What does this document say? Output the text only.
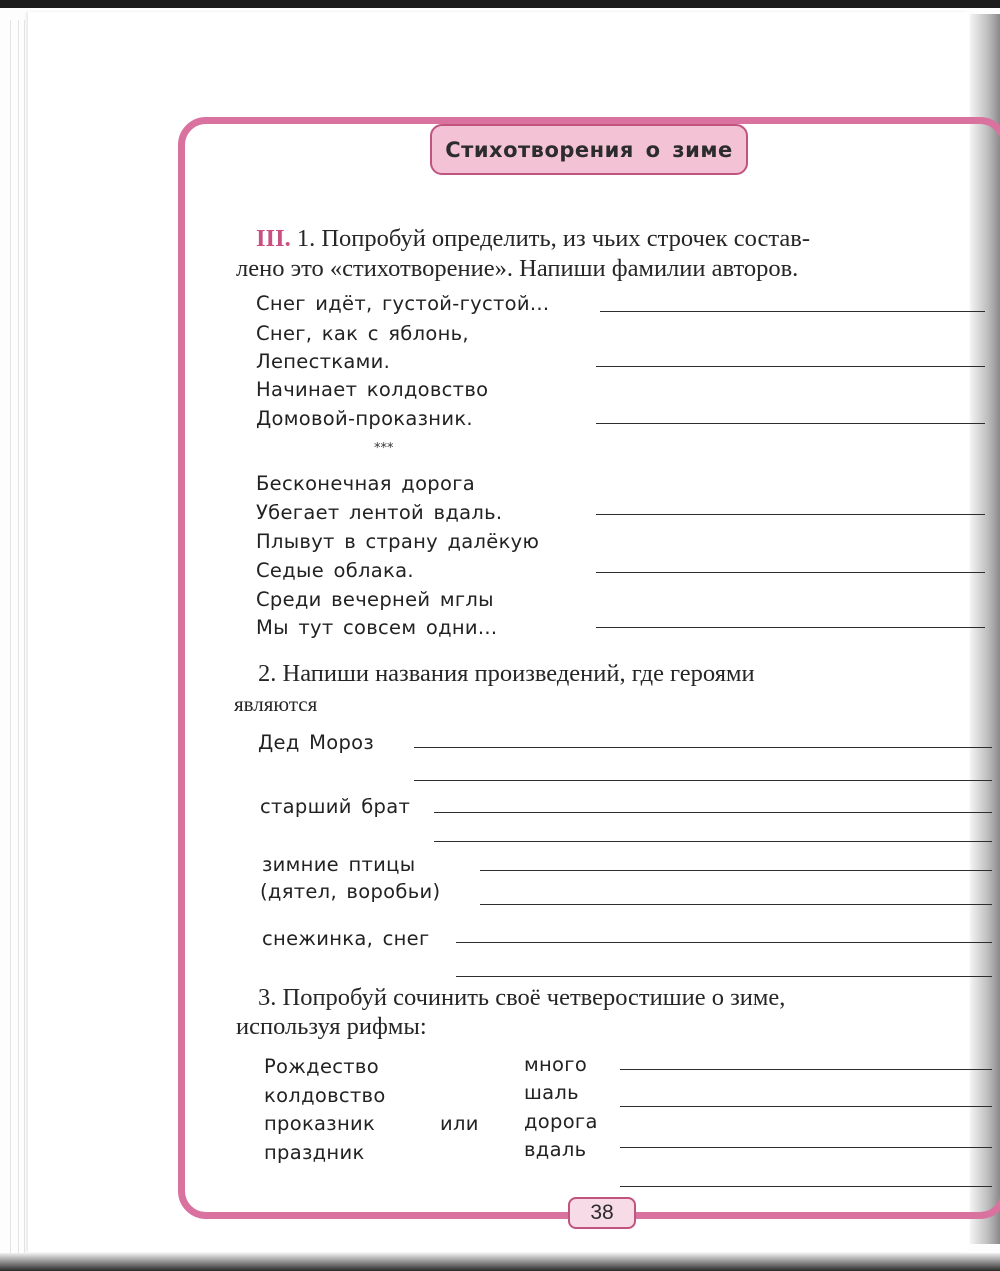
Стихотворения о зиме
III. 1. Попробуй определить, из чьих строчек состав-
лено это «стихотворение». Напиши фамилии авторов.
Снег идёт, густой-густой...
Снег, как с яблонь,
Лепестками.
Начинает колдовство
Домовой-проказник.
***
Бесконечная дорога
Убегает лентой вдаль.
Плывут в страну далёкую
Седые облака.
Среди вечерней мглы
Мы тут совсем одни...
2. Напиши названия произведений, где героями
являются
Дед Мороз
старший брат
зимние птицы
(дятел, воробьи)
снежинка, снег
3. Попробуй сочинить своё четверостишие о зиме,
используя рифмы:
Рождество
колдовство
проказник
праздник
или
много
шаль
дорога
вдаль
38
